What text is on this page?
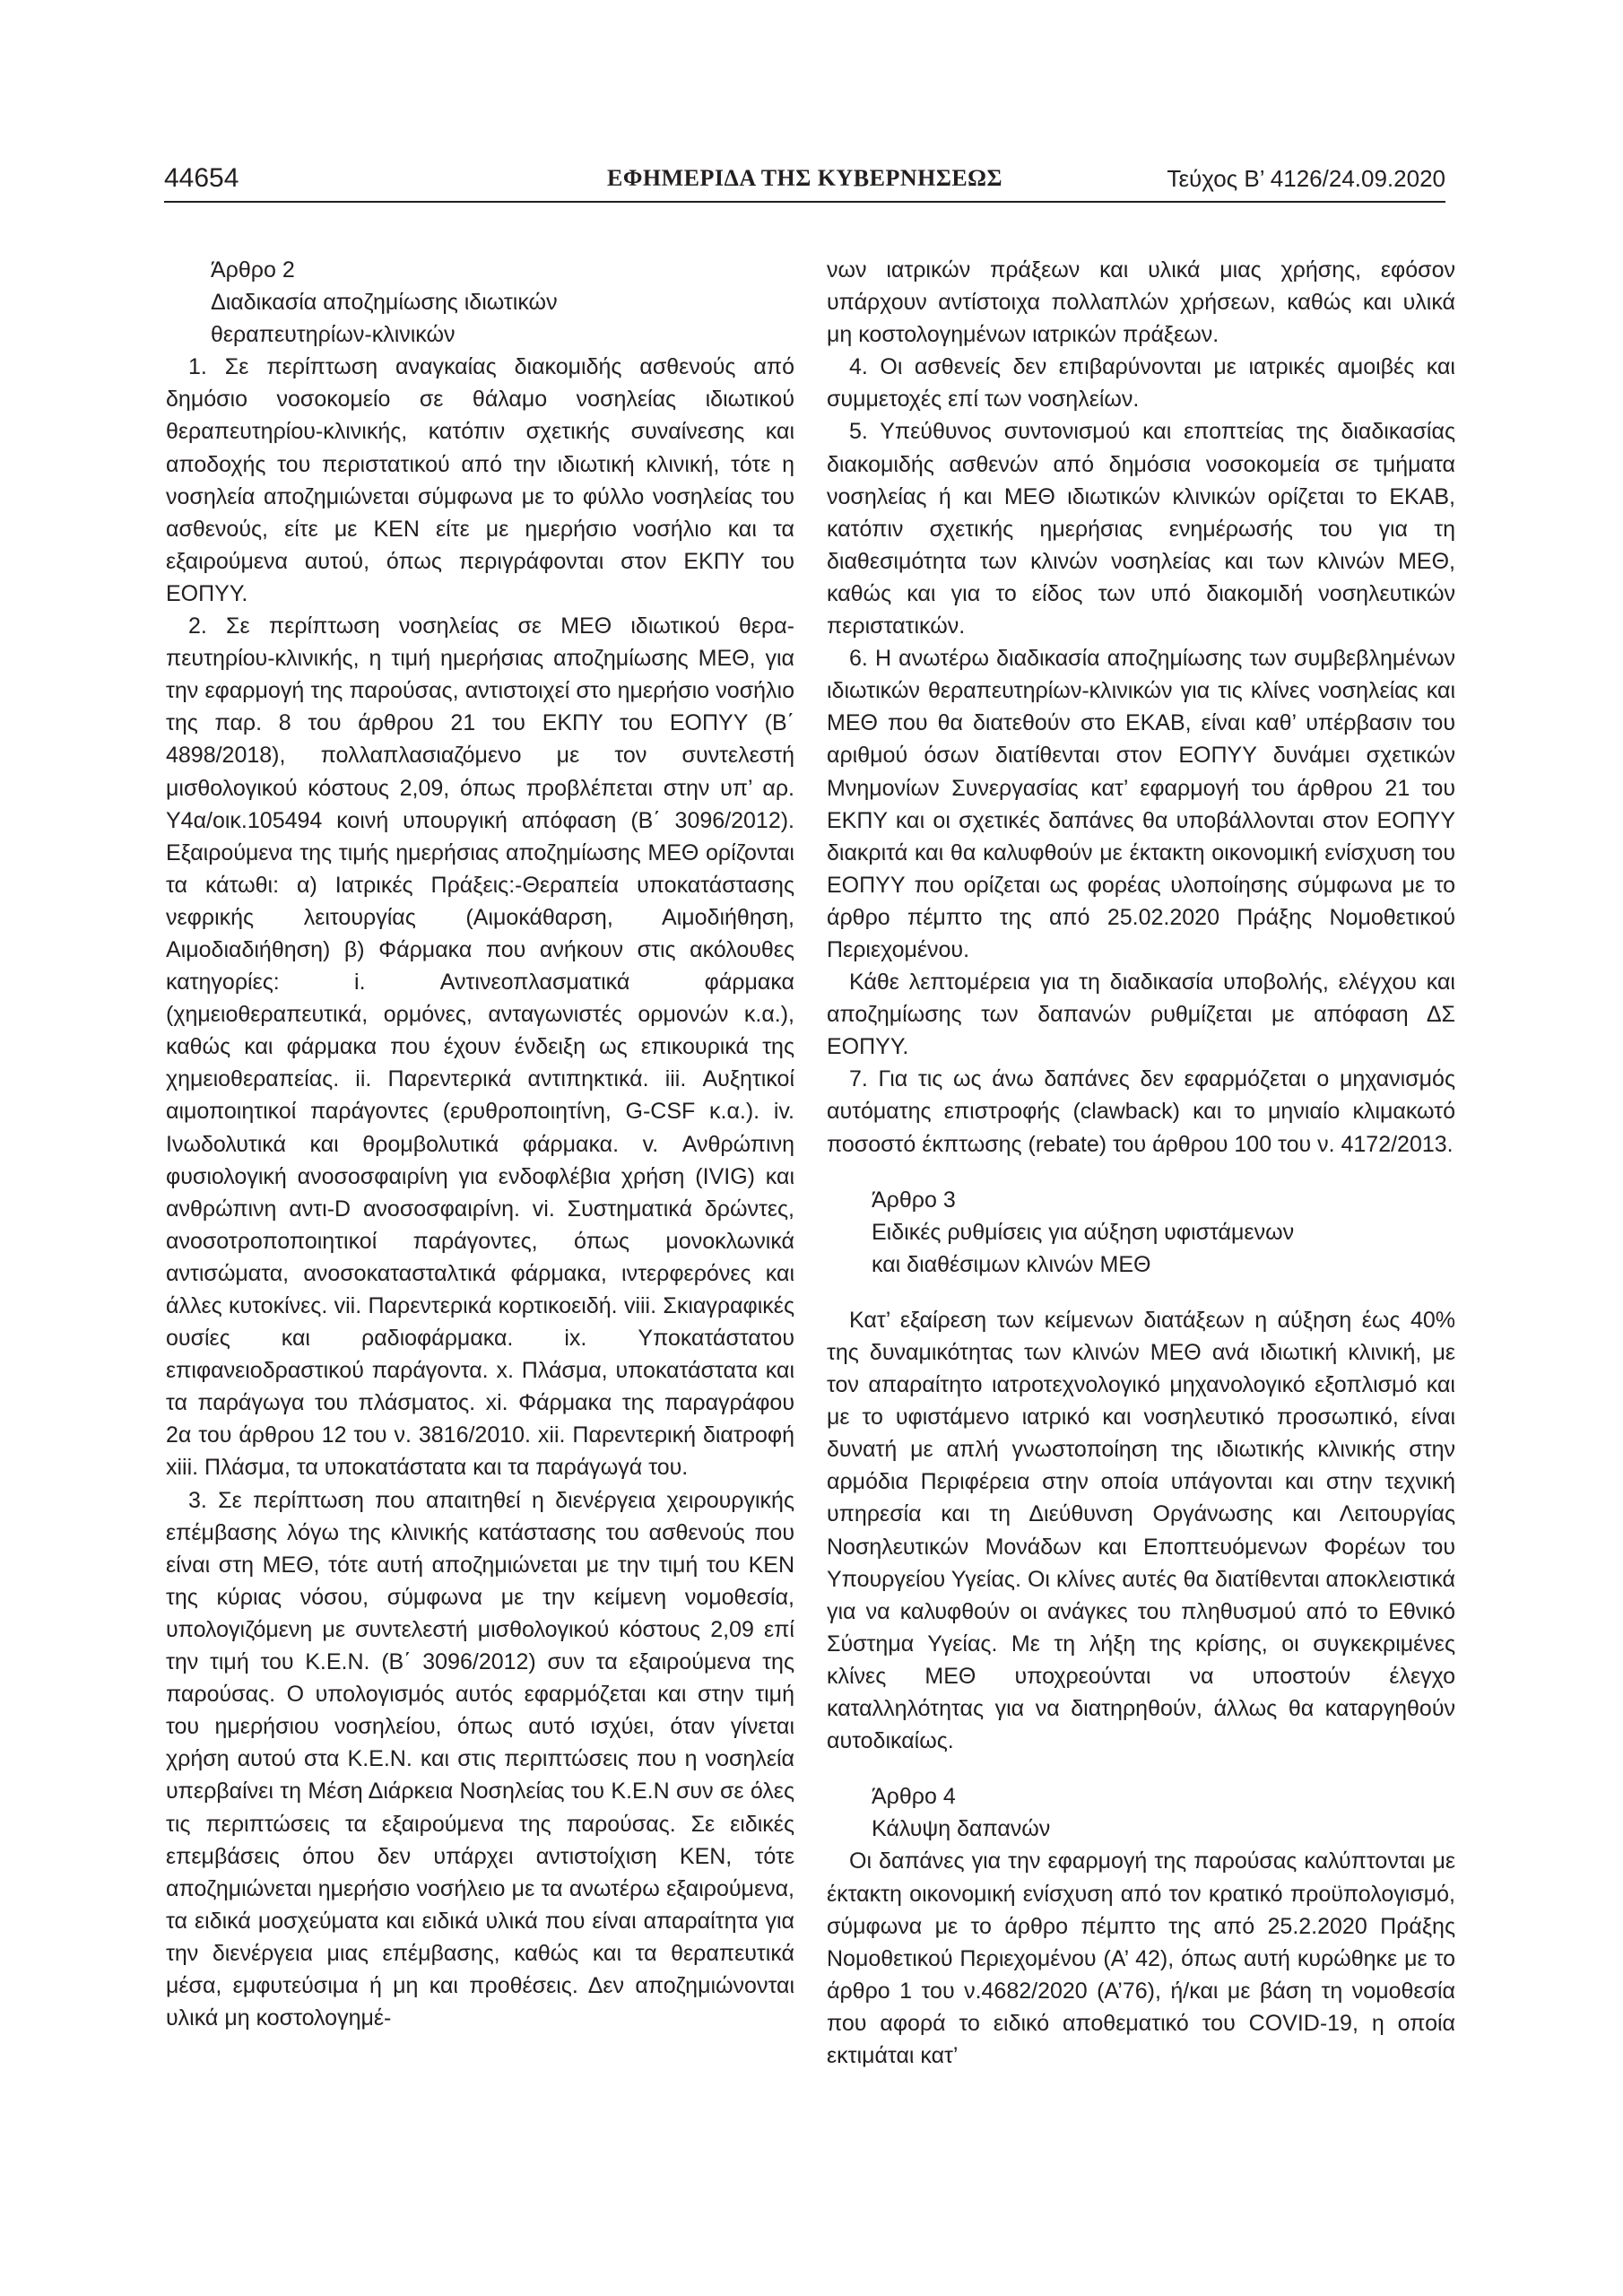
44654	ΕΦΗΜΕΡΙΔΑ ΤΗΣ ΚΥΒΕΡΝΗΣΕΩΣ	Τεύχος Β’ 4126/24.09.2020
Άρθρο 2
Διαδικασία αποζημίωσης ιδιωτικών
θεραπευτηρίων-κλινικών

1. Σε περίπτωση αναγκαίας διακομιδής ασθενούς από δημόσιο νοσοκομείο σε θάλαμο νοσηλείας ιδιωτικού θεραπευτηρίου-κλινικής, κατόπιν σχετικής συναίνεσης και αποδοχής του περιστατικού από την ιδιωτική κλινική, τότε η νοσηλεία αποζημιώνεται σύμφωνα με το φύλλο νοσηλείας του ασθενούς, είτε με ΚΕΝ είτε με ημερήσιο νοσήλιο και τα εξαιρούμενα αυτού, όπως περιγράφονται στον ΕΚΠΥ του ΕΟΠΥΥ.

2. Σε περίπτωση νοσηλείας σε ΜΕΘ ιδιωτικού θεραπευτηρίου-κλινικής, η τιμή ημερήσιας αποζημίωσης ΜΕΘ, για την εφαρμογή της παρούσας, αντιστοιχεί στο ημερήσιο νοσήλιο της παρ. 8 του άρθρου 21 του ΕΚΠΥ του ΕΟΠΥΥ (Β΄ 4898/2018), πολλαπλασιαζόμενο με τον συντελεστή μισθολογικού κόστους 2,09, όπως προβλέπεται στην υπ’ αρ. Υ4α/οικ.105494 κοινή υπουργική απόφαση (Β΄ 3096/2012). Εξαιρούμενα της τιμής ημερήσιας αποζημίωσης ΜΕΘ ορίζονται τα κάτωθι: α) Ιατρικές Πράξεις:-Θεραπεία υποκατάστασης νεφρικής λειτουργίας (Αιμοκάθαρση, Αιμοδιήθηση, Αιμοδιαδιήθηση) β) Φάρμακα που ανήκουν στις ακόλουθες κατηγορίες: i. Αντινεοπλασματικά φάρμακα (χημειοθεραπευτικά, ορμόνες, ανταγωνιστές ορμονών κ.α.), καθώς και φάρμακα που έχουν ένδειξη ως επικουρικά της χημειοθεραπείας. ii. Παρεντερικά αντιπηκτικά. iii. Αυξητικοί αιμοποιητικοί παράγοντες (ερυθροποιητίνη, G-CSF κ.α.). iv. Ινωδολυτικά και θρομβολυτικά φάρμακα. v. Ανθρώπινη φυσιολογική ανοσοσφαιρίνη για ενδοφλέβια χρήση (IVIG) και ανθρώπινη αντι-D ανοσοσφαιρίνη. vi. Συστηματικά δρώντες, ανοσοτροποποιητικοί παράγοντες, όπως μονοκλωνικά αντισώματα, ανοσοκατασταλτικά φάρμακα, ιντερφερόνες και άλλες κυτοκίνες. vii. Παρεντερικά κορτικοειδή. viii. Σκιαγραφικές ουσίες και ραδιοφάρμακα. ix. Υποκατάστατου επιφανειοδραστικού παράγοντα. x. Πλάσμα, υποκατάστατα και τα παράγωγα του πλάσματος. xi. Φάρμακα της παραγράφου 2α του άρθρου 12 του ν. 3816/2010. xii. Παρεντερική διατροφή xiii. Πλάσμα, τα υποκατάστατα και τα παράγωγά του.

3. Σε περίπτωση που απαιτηθεί η διενέργεια χειρουργικής επέμβασης λόγω της κλινικής κατάστασης του ασθενούς που είναι στη ΜΕΘ, τότε αυτή αποζημιώνεται με την τιμή του ΚΕΝ της κύριας νόσου, σύμφωνα με την κείμενη νομοθεσία, υπολογιζόμενη με συντελεστή μισθολογικού κόστους 2,09 επί την τιμή του Κ.Ε.Ν. (Β΄ 3096/2012) συν τα εξαιρούμενα της παρούσας. Ο υπολογισμός αυτός εφαρμόζεται και στην τιμή του ημερήσιου νοσηλείου, όπως αυτό ισχύει, όταν γίνεται χρήση αυτού στα Κ.Ε.Ν. και στις περιπτώσεις που η νοσηλεία υπερβαίνει τη Μέση Διάρκεια Νοσηλείας του Κ.Ε.Ν συν σε όλες τις περιπτώσεις τα εξαιρούμενα της παρούσας. Σε ειδικές επεμβάσεις όπου δεν υπάρχει αντιστοίχιση ΚΕΝ, τότε αποζημιώνεται ημερήσιο νοσήλειο με τα ανωτέρω εξαιρούμενα, τα ειδικά μοσχεύματα και ειδικά υλικά που είναι απαραίτητα για την διενέργεια μιας επέμβασης, καθώς και τα θεραπευτικά μέσα, εμφυτεύσιμα ή μη και προθέσεις. Δεν αποζημιώνονται υλικά μη κοστολογημέ-

νων ιατρικών πράξεων και υλικά μιας χρήσης, εφόσον υπάρχουν αντίστοιχα πολλαπλών χρήσεων, καθώς και υλικά μη κοστολογημένων ιατρικών πράξεων.

4. Οι ασθενείς δεν επιβαρύνονται με ιατρικές αμοιβές και συμμετοχές επί των νοσηλείων.

5. Υπεύθυνος συντονισμού και εποπτείας της διαδικασίας διακομιδής ασθενών από δημόσια νοσοκομεία σε τμήματα νοσηλείας ή και ΜΕΘ ιδιωτικών κλινικών ορίζεται το ΕΚΑΒ, κατόπιν σχετικής ημερήσιας ενημέρωσής του για τη διαθεσιμότητα των κλινών νοσηλείας και των κλινών ΜΕΘ, καθώς και για το είδος των υπό διακομιδή νοσηλευτικών περιστατικών.

6. Η ανωτέρω διαδικασία αποζημίωσης των συμβεβλημένων ιδιωτικών θεραπευτηρίων-κλινικών για τις κλίνες νοσηλείας και ΜΕΘ που θα διατεθούν στο ΕΚΑΒ, είναι καθ’ υπέρβασιν του αριθμού όσων διατίθενται στον ΕΟΠΥΥ δυνάμει σχετικών Μνημονίων Συνεργασίας κατ’ εφαρμογή του άρθρου 21 του ΕΚΠΥ και οι σχετικές δαπάνες θα υποβάλλονται στον ΕΟΠΥΥ διακριτά και θα καλυφθούν με έκτακτη οικονομική ενίσχυση του ΕΟΠΥΥ που ορίζεται ως φορέας υλοποίησης σύμφωνα με το άρθρο πέμπτο της από 25.02.2020 Πράξης Νομοθετικού Περιεχομένου.

Κάθε λεπτομέρεια για τη διαδικασία υποβολής, ελέγχου και αποζημίωσης των δαπανών ρυθμίζεται με απόφαση ΔΣ ΕΟΠΥΥ.

7. Για τις ως άνω δαπάνες δεν εφαρμόζεται ο μηχανισμός αυτόματης επιστροφής (clawback) και το μηνιαίο κλιμακωτό ποσοστό έκπτωσης (rebate) του άρθρου 100 του ν. 4172/2013.

Άρθρο 3
Ειδικές ρυθμίσεις για αύξηση υφιστάμενων
και διαθέσιμων κλινών ΜΕΘ

Κατ’ εξαίρεση των κείμενων διατάξεων η αύξηση έως 40% της δυναμικότητας των κλινών ΜΕΘ ανά ιδιωτική κλινική, με τον απαραίτητο ιατροτεχνολογικό μηχανολογικό εξοπλισμό και με το υφιστάμενο ιατρικό και νοσηλευτικό προσωπικό, είναι δυνατή με απλή γνωστοποίηση της ιδιωτικής κλινικής στην αρμόδια Περιφέρεια στην οποία υπάγονται και στην τεχνική υπηρεσία και τη Διεύθυνση Οργάνωσης και Λειτουργίας Νοσηλευτικών Μονάδων και Εποπτευόμενων Φορέων του Υπουργείου Υγείας. Οι κλίνες αυτές θα διατίθενται αποκλειστικά για να καλυφθούν οι ανάγκες του πληθυσμού από το Εθνικό Σύστημα Υγείας. Με τη λήξη της κρίσης, οι συγκεκριμένες κλίνες ΜΕΘ υποχρεούνται να υποστούν έλεγχο καταλληλότητας για να διατηρηθούν, άλλως θα καταργηθούν αυτοδικαίως.

Άρθρο 4
Κάλυψη δαπανών

Οι δαπάνες για την εφαρμογή της παρούσας καλύπτονται με έκτακτη οικονομική ενίσχυση από τον κρατικό προϋπολογισμό, σύμφωνα με το άρθρο πέμπτο της από 25.2.2020 Πράξης Νομοθετικού Περιεχομένου (Α’ 42), όπως αυτή κυρώθηκε με το άρθρο 1 του ν.4682/2020 (Α’76), ή/και με βάση τη νομοθεσία που αφορά το ειδικό αποθεματικό του COVID-19, η οποία εκτιμάται κατ’
